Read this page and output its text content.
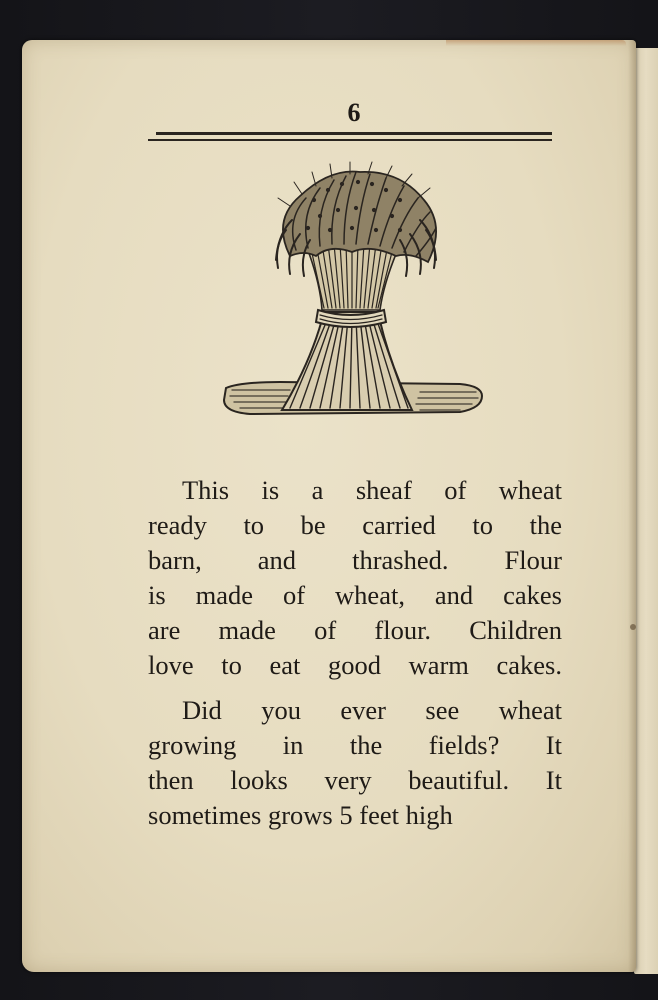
6
This is a sheaf of wheat
ready to be carried to the
barn, and thrashed. Flour
is made of wheat, and cakes
are made of flour. Children
love to eat good warm cakes.
Did you ever see wheat
growing in the fields? It
then looks very beautiful. It
sometimes grows 5 feet high
